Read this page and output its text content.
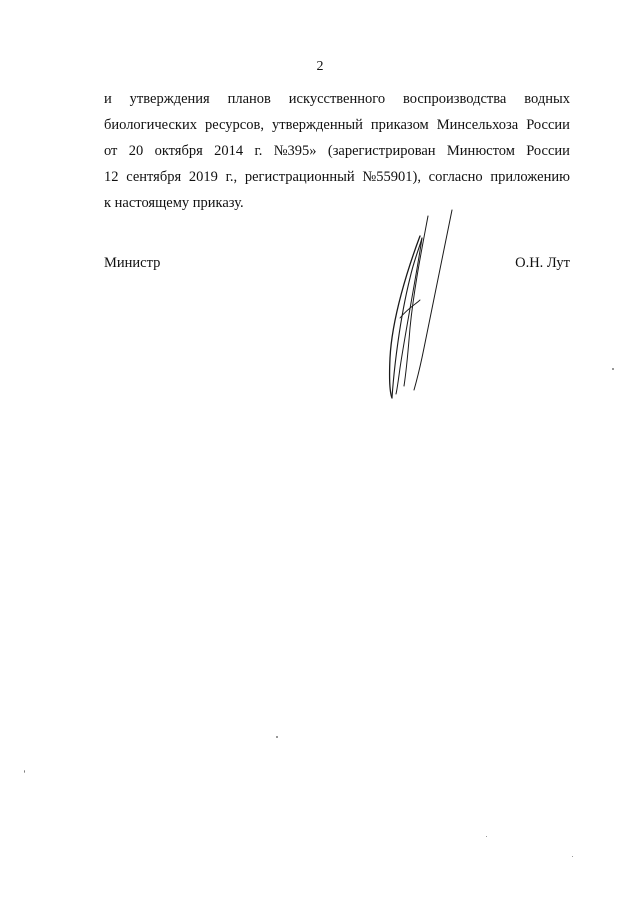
2
и утверждения планов искусственного воспроизводства водных
биологических ресурсов, утвержденный приказом Минсельхоза России
от 20 октября 2014 г. №395» (зарегистрирован Минюстом России
12 сентября 2019 г., регистрационный №55901), согласно приложению
к настоящему приказу.
Министр	О.Н. Лут
